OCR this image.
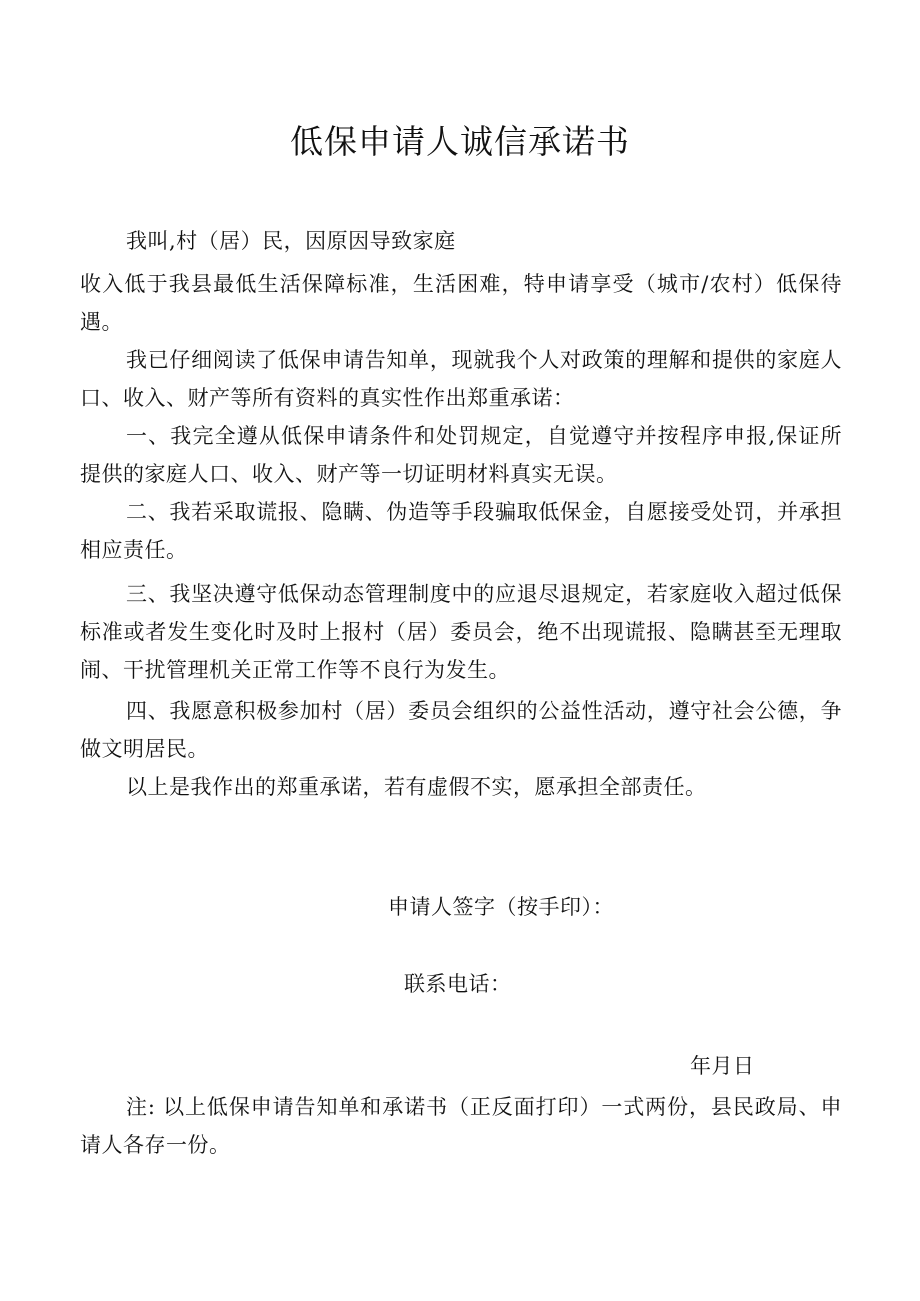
低保申请人诚信承诺书
我叫,村（居）民，因原因导致家庭

收入低于我县最低生活保障标准，生活困难，特申请享受（城市/农村）低保待遇。

我已仔细阅读了低保申请告知单，现就我个人对政策的理解和提供的家庭人口、收入、财产等所有资料的真实性作出郑重承诺：

一、我完全遵从低保申请条件和处罚规定，自觉遵守并按程序申报,保证所提供的家庭人口、收入、财产等一切证明材料真实无误。

二、我若采取谎报、隐瞒、伪造等手段骗取低保金，自愿接受处罚，并承担相应责任。

三、我坚决遵守低保动态管理制度中的应退尽退规定，若家庭收入超过低保标准或者发生变化时及时上报村（居）委员会，绝不出现谎报、隐瞒甚至无理取闹、干扰管理机关正常工作等不良行为发生。

四、我愿意积极参加村（居）委员会组织的公益性活动，遵守社会公德，争做文明居民。

以上是我作出的郑重承诺，若有虚假不实，愿承担全部责任。

申请人签字（按手印）：
联系电话：
年月日

注: 以上低保申请告知单和承诺书（正反面打印）一式两份，县民政局、申请人各存一份。
